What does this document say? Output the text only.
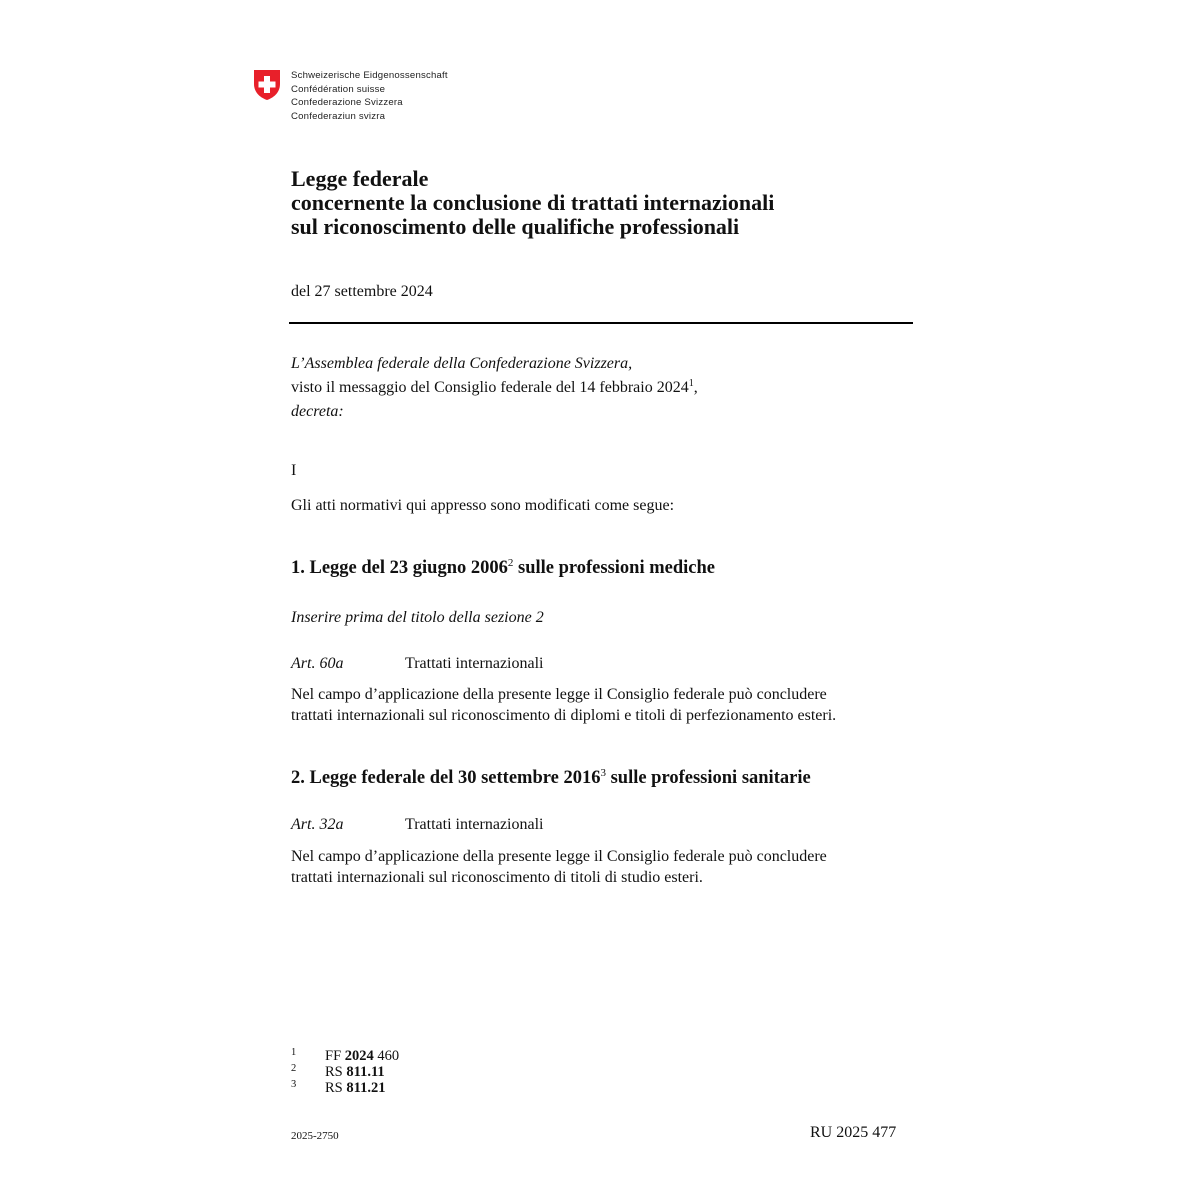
Schweizerische Eidgenossenschaft
Confédération suisse
Confederazione Svizzera
Confederaziun svizra
Legge federale
concernente la conclusione di trattati internazionali
sul riconoscimento delle qualifiche professionali
del 27 settembre 2024
L’Assemblea federale della Confederazione Svizzera,
visto il messaggio del Consiglio federale del 14 febbraio 2024$^1$,
decreta:
I
Gli atti normativi qui appresso sono modificati come segue:
1. Legge del 23 giugno 2006$^2$ sulle professioni mediche
Inserire prima del titolo della sezione 2
Art. 60a	Trattati internazionali
Nel campo d’applicazione della presente legge il Consiglio federale può concludere
trattati internazionali sul riconoscimento di diplomi e titoli di perfezionamento esteri.
2. Legge federale del 30 settembre 2016$^3$ sulle professioni sanitarie
Art. 32a	Trattati internazionali
Nel campo d’applicazione della presente legge il Consiglio federale può concludere
trattati internazionali sul riconoscimento di titoli di studio esteri.
1 FF 2024 460
2 RS 811.11
3 RS 811.21
2025-2750	RU 2025 477
